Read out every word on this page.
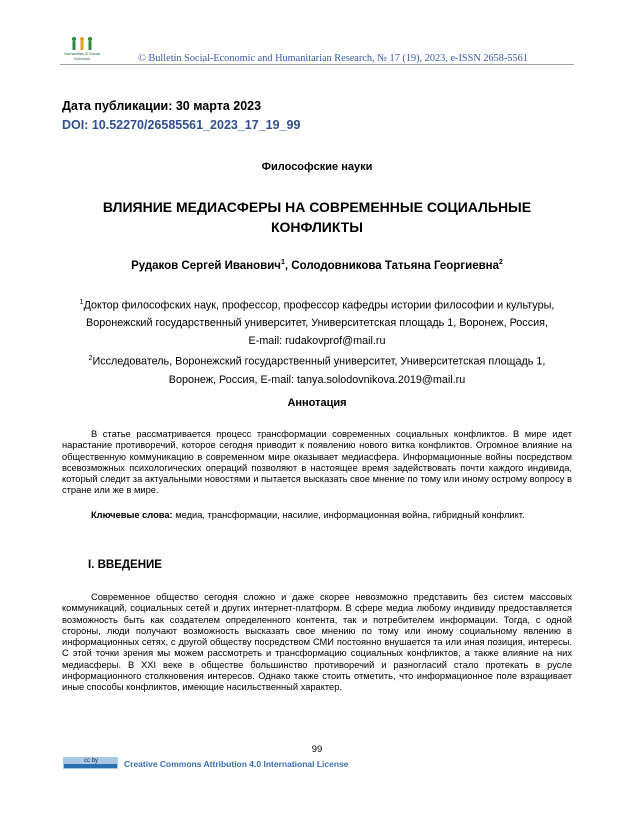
Humanities & Social
Sciences	© Bulletin Social-Economic and Humanitarian Research, № 17 (19), 2023, e-ISSN 2658-5561
Дата публикации: 30 марта 2023
DOI: 10.52270/26585561_2023_17_19_99
Философские науки
ВЛИЯНИЕ МЕДИАСФЕРЫ НА СОВРЕМЕННЫЕ СОЦИАЛЬНЫЕ
КОНФЛИКТЫ
Рудаков Сергей Иванович$^1$, Солодовникова Татьяна Георгиевна$^2$
$^1$Доктор философских наук, профессор, профессор кафедры истории философии и культуры,
Воронежский государственный университет, Университетская площадь 1, Воронеж, Россия,
E-mail: rudakovprof@mail.ru
$^2$Исследователь, Воронежский государственный университет, Университетская площадь 1,
Воронеж, Россия, E-mail: tanya.solodovnikova.2019@mail.ru
Аннотация
В статье рассматривается процесс трансформации современных социальных конфликтов. В мире идет нарастание противоречий, которое сегодня приводит к появлению нового витка конфликтов. Огромное влияние на общественную коммуникацию в современном мире оказывает медиасфера. Информационные войны посредством всевозможных психологических операций позволяют в настоящее время задействовать почти каждого индивида, который следит за актуальными новостями и пытается высказать свое мнение по тому или иному острому вопросу в стране или же в мире.
Ключевые слова: медиа, трансформации, насилие, информационная война, гибридный конфликт.
I. ВВЕДЕНИЕ
Современное общество сегодня сложно и даже скорее невозможно представить без систем массовых коммуникаций, социальных сетей и других интернет-платформ. В сфере медиа любому индивиду предоставляется возможность быть как создателем определенного контента, так и потребителем информации. Тогда, с одной стороны, люди получают возможность высказать свое мнению по тому или иному социальному явлению в информационных сетях, с другой обществу посредством СМИ постоянно внушается та или иная позиция, интересы. С этой точки зрения мы можем рассмотреть и трансформацию социальных конфликтов, а также влияние на них медиасферы. В XXI веке в обществе большинство противоречий и разногласий стало протекать в русле информационного столкновения интересов. Однако также стоить отметить, что информационное поле взращивает иные способы конфликтов, имеющие насильственный характер.
99
cc by	Creative Commons Attribution 4.0 International License
